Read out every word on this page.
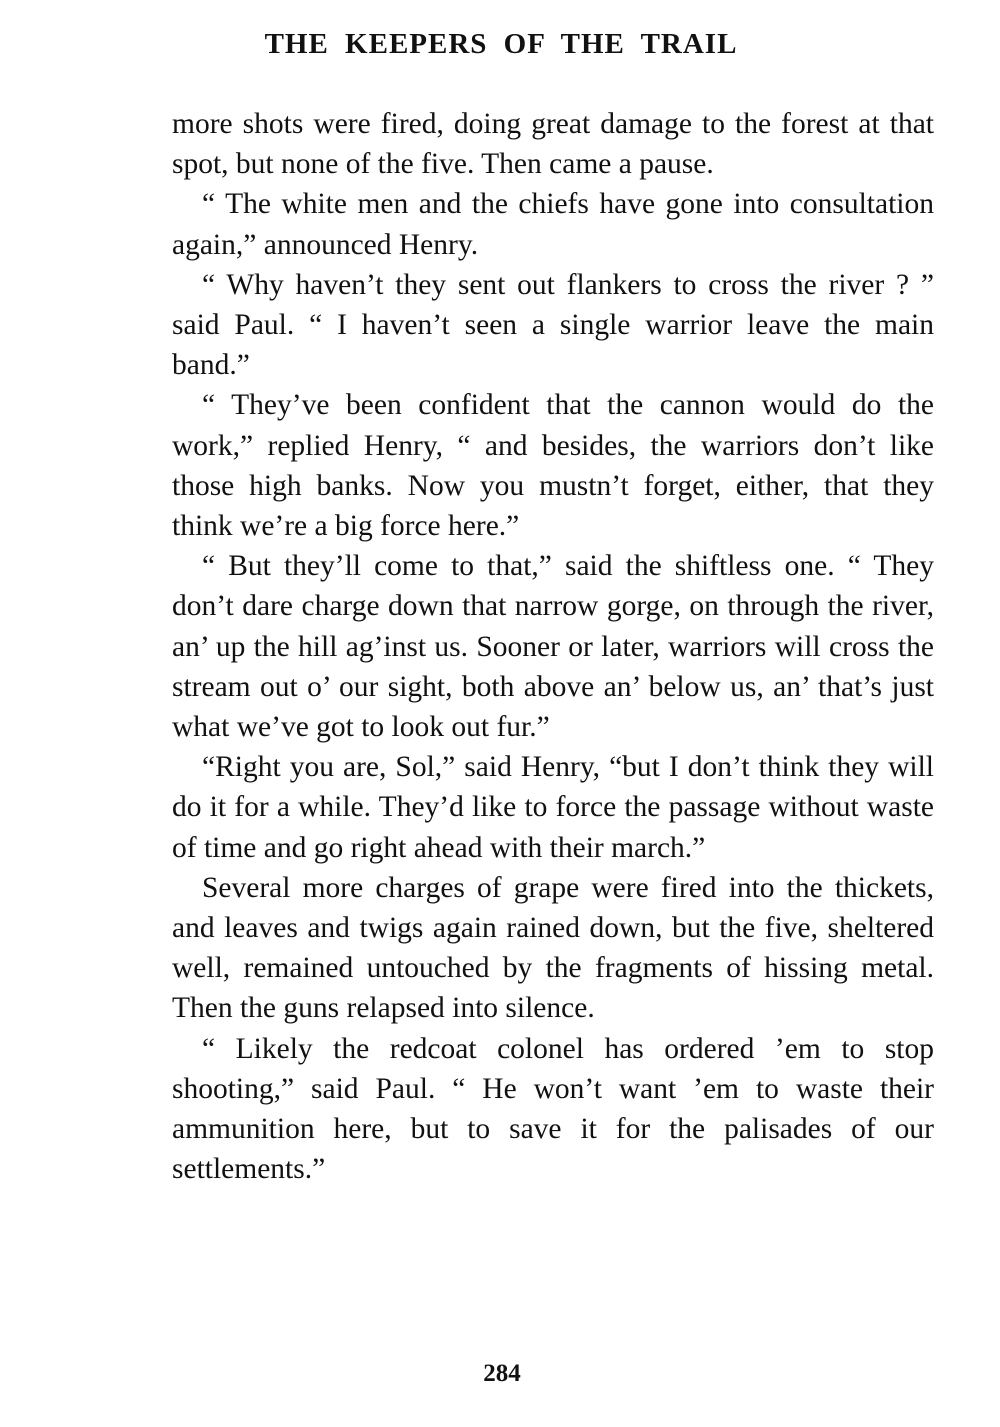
THE KEEPERS OF THE TRAIL

more shots were fired, doing great damage to the forest at that spot, but none of the five. Then came a pause.

“ The white men and the chiefs have gone into consultation again,” announced Henry.

“ Why haven’t they sent out flankers to cross the river ? ” said Paul. “ I haven’t seen a single warrior leave the main band.”

“ They’ve been confident that the cannon would do the work,” replied Henry, “ and besides, the warriors don’t like those high banks. Now you mustn’t forget, either, that they think we’re a big force here.”

“ But they’ll come to that,” said the shiftless one. “ They don’t dare charge down that narrow gorge, on through the river, an’ up the hill ag’inst us. Sooner or later, warriors will cross the stream out o’ our sight, both above an’ below us, an’ that’s just what we’ve got to look out fur.”

“Right you are, Sol,” said Henry, “but I don’t think they will do it for a while. They’d like to force the passage without waste of time and go right ahead with their march.”

Several more charges of grape were fired into the thickets, and leaves and twigs again rained down, but the five, sheltered well, remained untouched by the fragments of hissing metal. Then the guns relapsed into silence.

“ Likely the redcoat colonel has ordered ’em to stop shooting,” said Paul. “ He won’t want ’em to waste their ammunition here, but to save it for the palisades of our settlements.”

284
